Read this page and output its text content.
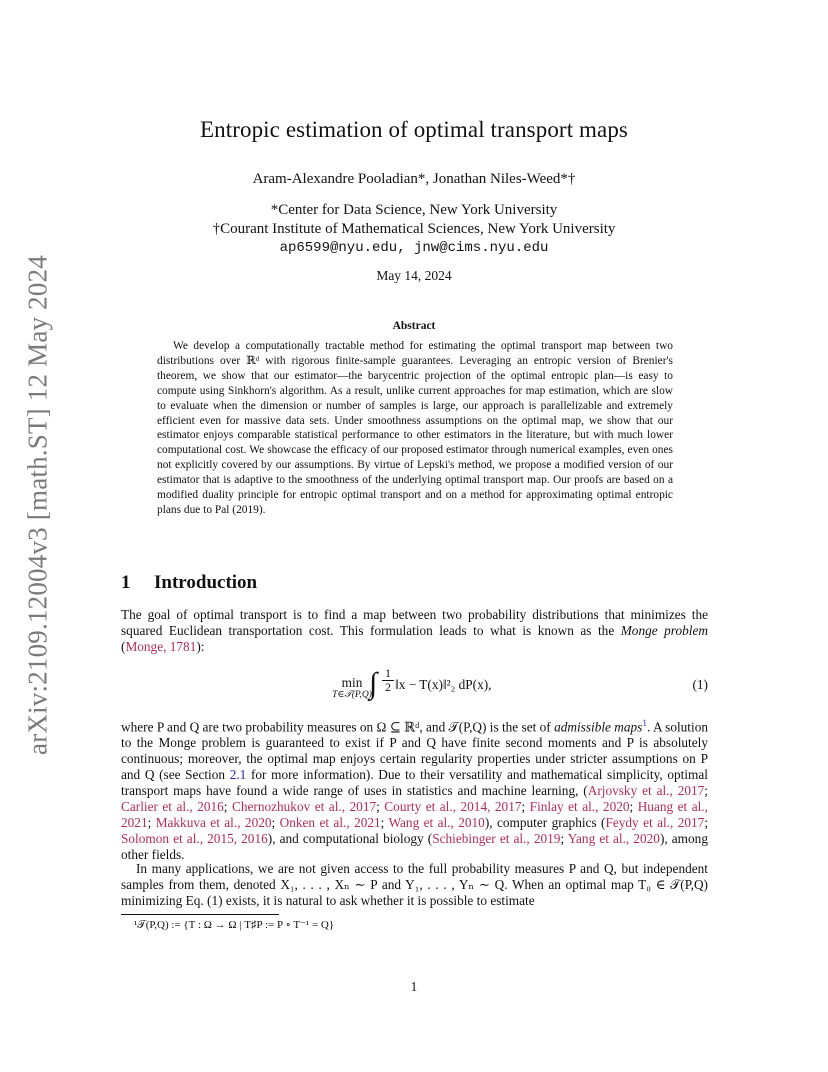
arXiv:2109.12004v3 [math.ST] 12 May 2024
Entropic estimation of optimal transport maps
Aram-Alexandre Pooladian*, Jonathan Niles-Weed*†
*Center for Data Science, New York University
†Courant Institute of Mathematical Sciences, New York University
ap6599@nyu.edu, jnw@cims.nyu.edu
May 14, 2024
Abstract

We develop a computationally tractable method for estimating the optimal transport map between two distributions over ℝᵈ with rigorous finite-sample guarantees. Leveraging an entropic version of Brenier's theorem, we show that our estimator—the barycentric projection of the optimal entropic plan—is easy to compute using Sinkhorn's algorithm. As a result, unlike current approaches for map estimation, which are slow to evaluate when the dimension or number of samples is large, our approach is parallelizable and extremely efficient even for massive data sets. Under smoothness assumptions on the optimal map, we show that our estimator enjoys comparable statistical performance to other estimators in the literature, but with much lower computational cost. We showcase the efficacy of our proposed estimator through numerical examples, even ones not explicitly covered by our assumptions. By virtue of Lepski's method, we propose a modified version of our estimator that is adaptive to the smoothness of the underlying optimal transport map. Our proofs are based on a modified duality principle for entropic optimal transport and on a method for approximating optimal entropic plans due to Pal (2019).

1 Introduction

The goal of optimal transport is to find a map between two probability distributions that minimizes the squared Euclidean transportation cost. This formulation leads to what is known as the Monge problem (Monge, 1781):

min
T∈𝒯(P,Q)
∫ $\frac{1}{2}$ ‖x − T(x)‖²₂ dP(x),	(1)

where P and Q are two probability measures on Ω ⊆ ℝᵈ, and 𝒯(P,Q) is the set of admissible maps$^1$. A solution to the Monge problem is guaranteed to exist if P and Q have finite second moments and P is absolutely continuous; moreover, the optimal map enjoys certain regularity properties under stricter assumptions on P and Q (see Section 2.1 for more information). Due to their versatility and mathematical simplicity, optimal transport maps have found a wide range of uses in statistics and machine learning, (Arjovsky et al., 2017; Carlier et al., 2016; Chernozhukov et al., 2017; Courty et al., 2014, 2017; Finlay et al., 2020; Huang et al., 2021; Makkuva et al., 2020; Onken et al., 2021; Wang et al., 2010), computer graphics (Feydy et al., 2017; Solomon et al., 2015, 2016), and computational biology (Schiebinger et al., 2019; Yang et al., 2020), among other fields.

In many applications, we are not given access to the full probability measures P and Q, but independent samples from them, denoted X₁, . . . , Xₙ ∼ P and Y₁, . . . , Yₙ ∼ Q. When an optimal map T₀ ∈ 𝒯(P,Q) minimizing Eq. (1) exists, it is natural to ask whether it is possible to estimate

¹𝒯(P,Q) := {T : Ω → Ω | T♯P := P ∘ T⁻¹ = Q}
1
